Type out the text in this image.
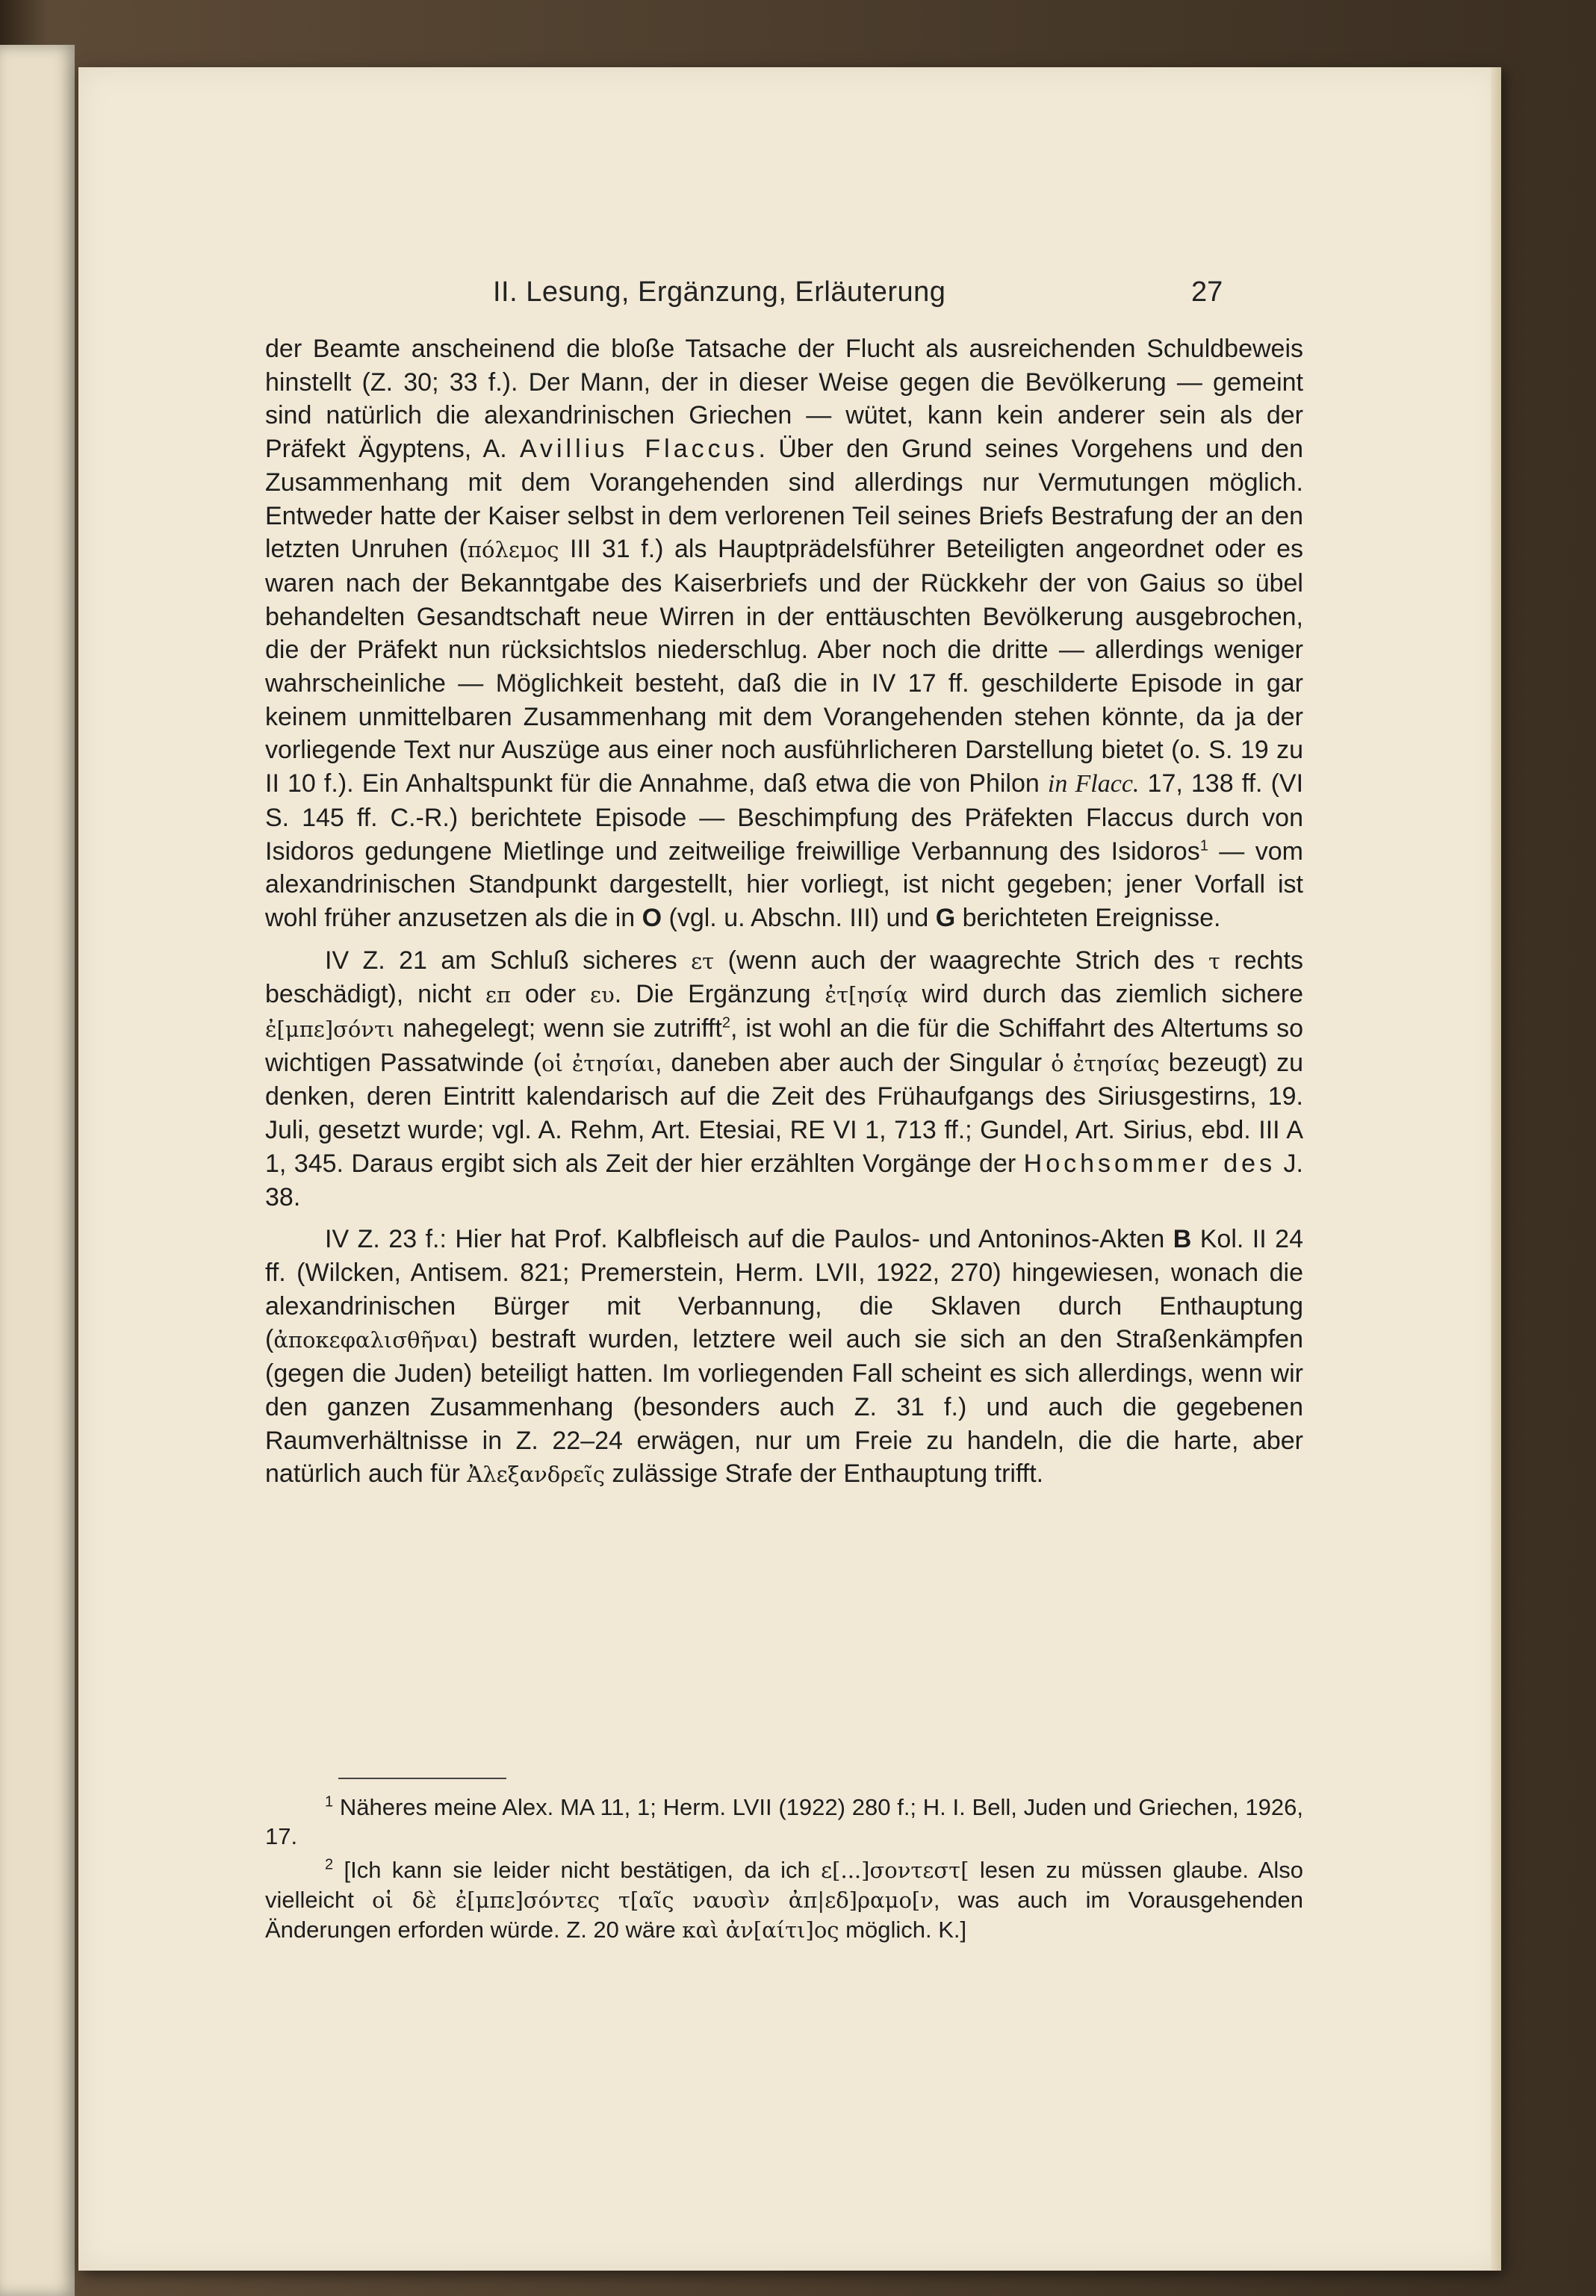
II. Lesung, Ergänzung, Erläuterung	27

der Beamte anscheinend die bloße Tatsache der Flucht als ausreichenden Schuldbeweis hinstellt (Z. 30; 33 f.). Der Mann, der in dieser Weise gegen die Bevölkerung — gemeint sind natürlich die alexandrinischen Griechen — wütet, kann kein anderer sein als der Präfekt Ägyptens, A. Avillius Flaccus. Über den Grund seines Vorgehens und den Zusammenhang mit dem Vorangehenden sind allerdings nur Vermutungen möglich. Entweder hatte der Kaiser selbst in dem verlorenen Teil seines Briefs Bestrafung der an den letzten Unruhen (πόλεμος III 31 f.) als Hauptprädelsführer Beteiligten angeordnet oder es waren nach der Bekanntgabe des Kaiserbriefs und der Rückkehr der von Gaius so übel behandelten Gesandtschaft neue Wirren in der enttäuschten Bevölkerung ausgebrochen, die der Präfekt nun rücksichtslos niederschlug. Aber noch die dritte — allerdings weniger wahrscheinliche — Möglichkeit besteht, daß die in IV 17 ff. geschilderte Episode in gar keinem unmittelbaren Zusammenhang mit dem Vorangehenden stehen könnte, da ja der vorliegende Text nur Auszüge aus einer noch ausführlicheren Darstellung bietet (o. S. 19 zu II 10 f.). Ein Anhaltspunkt für die Annahme, daß etwa die von Philon in Flacc. 17, 138 ff. (VI S. 145 ff. C.-R.) berichtete Episode — Beschimpfung des Präfekten Flaccus durch von Isidoros gedungene Mietlinge und zeitweilige freiwillige Verbannung des Isidoros$^1$ — vom alexandrinischen Standpunkt dargestellt, hier vorliegt, ist nicht gegeben; jener Vorfall ist wohl früher anzusetzen als die in O (vgl. u. Abschn. III) und G berichteten Ereignisse.

IV Z. 21 am Schluß sicheres ετ (wenn auch der waagrechte Strich des τ rechts beschädigt), nicht επ oder ευ. Die Ergänzung ἐτ[ησίᾳ wird durch das ziemlich sichere ἐ[μπε]σόντι nahegelegt; wenn sie zutrifft$^2$, ist wohl an die für die Schiffahrt des Altertums so wichtigen Passatwinde (οἱ ἐτησίαι, daneben aber auch der Singular ὁ ἐτησίας bezeugt) zu denken, deren Eintritt kalendarisch auf die Zeit des Frühaufgangs des Siriusgestirns, 19. Juli, gesetzt wurde; vgl. A. Rehm, Art. Etesiai, RE VI 1, 713 ff.; Gundel, Art. Sirius, ebd. III A 1, 345. Daraus ergibt sich als Zeit der hier erzählten Vorgänge der Hochsommer des J. 38.

IV Z. 23 f.: Hier hat Prof. Kalbfleisch auf die Paulos- und Antoninos-Akten B Kol. II 24 ff. (Wilcken, Antisem. 821; Premerstein, Herm. LVII, 1922, 270) hingewiesen, wonach die alexandrinischen Bürger mit Verbannung, die Sklaven durch Enthauptung (ἀποκεφαλισθῆναι) bestraft wurden, letztere weil auch sie sich an den Straßenkämpfen (gegen die Juden) beteiligt hatten. Im vorliegenden Fall scheint es sich allerdings, wenn wir den ganzen Zusammenhang (besonders auch Z. 31 f.) und auch die gegebenen Raumverhältnisse in Z. 22–24 erwägen, nur um Freie zu handeln, die die harte, aber natürlich auch für Ἀλεξανδρεῖς zulässige Strafe der Enthauptung trifft.

$^1$ Näheres meine Alex. MA 11, 1; Herm. LVII (1922) 280 f.; H. I. Bell, Juden und Griechen, 1926, 17.

$^2$ [Ich kann sie leider nicht bestätigen, da ich ε[...]σοντεστ[ lesen zu müssen glaube. Also vielleicht οἱ δὲ ἐ[μπε]σόντες τ[αῖς ναυσὶν ἀπ|εδ]ραμο[ν, was auch im Vorausgehenden Änderungen erforden würde. Z. 20 wäre καὶ ἀν[αίτι]ος möglich. K.]
